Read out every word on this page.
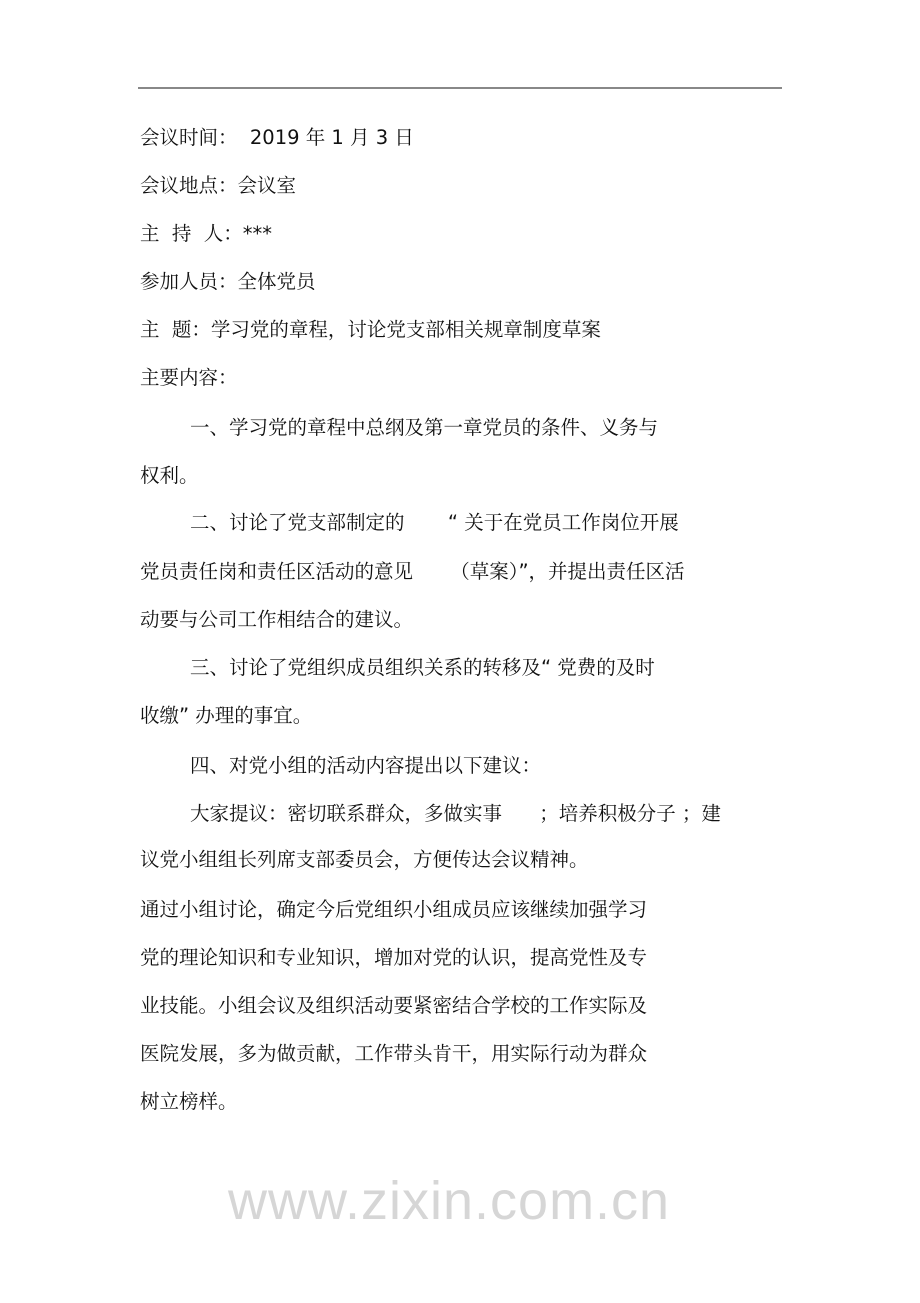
www.zixin.com.cn
会议时间：  2019 年 1 月 3 日
会议地点：会议室
主  持  人：***
参加人员：全体党员
主  题：学习党的章程，讨论党支部相关规章制度草案
主要内容：
一、学习党的章程中总纲及第一章党员的条件、义务与
权利。
二、讨论了党支部制定的       “ 关于在党员工作岗位开展
党员责任岗和责任区活动的意见      （草案）”，并提出责任区活
动要与公司工作相结合的建议。
三、讨论了党组织成员组织关系的转移及“ 党费的及时
收缴” 办理的事宜。
四、对党小组的活动内容提出以下建议：
大家提议：密切联系群众，多做实事      ；培养积极分子 ；建
议党小组组长列席支部委员会，方便传达会议精神。
通过小组讨论，确定今后党组织小组成员应该继续加强学习
党的理论知识和专业知识，增加对党的认识，提高党性及专
业技能。小组会议及组织活动要紧密结合学校的工作实际及
医院发展，多为做贡献，工作带头肯干，用实际行动为群众
树立榜样。
